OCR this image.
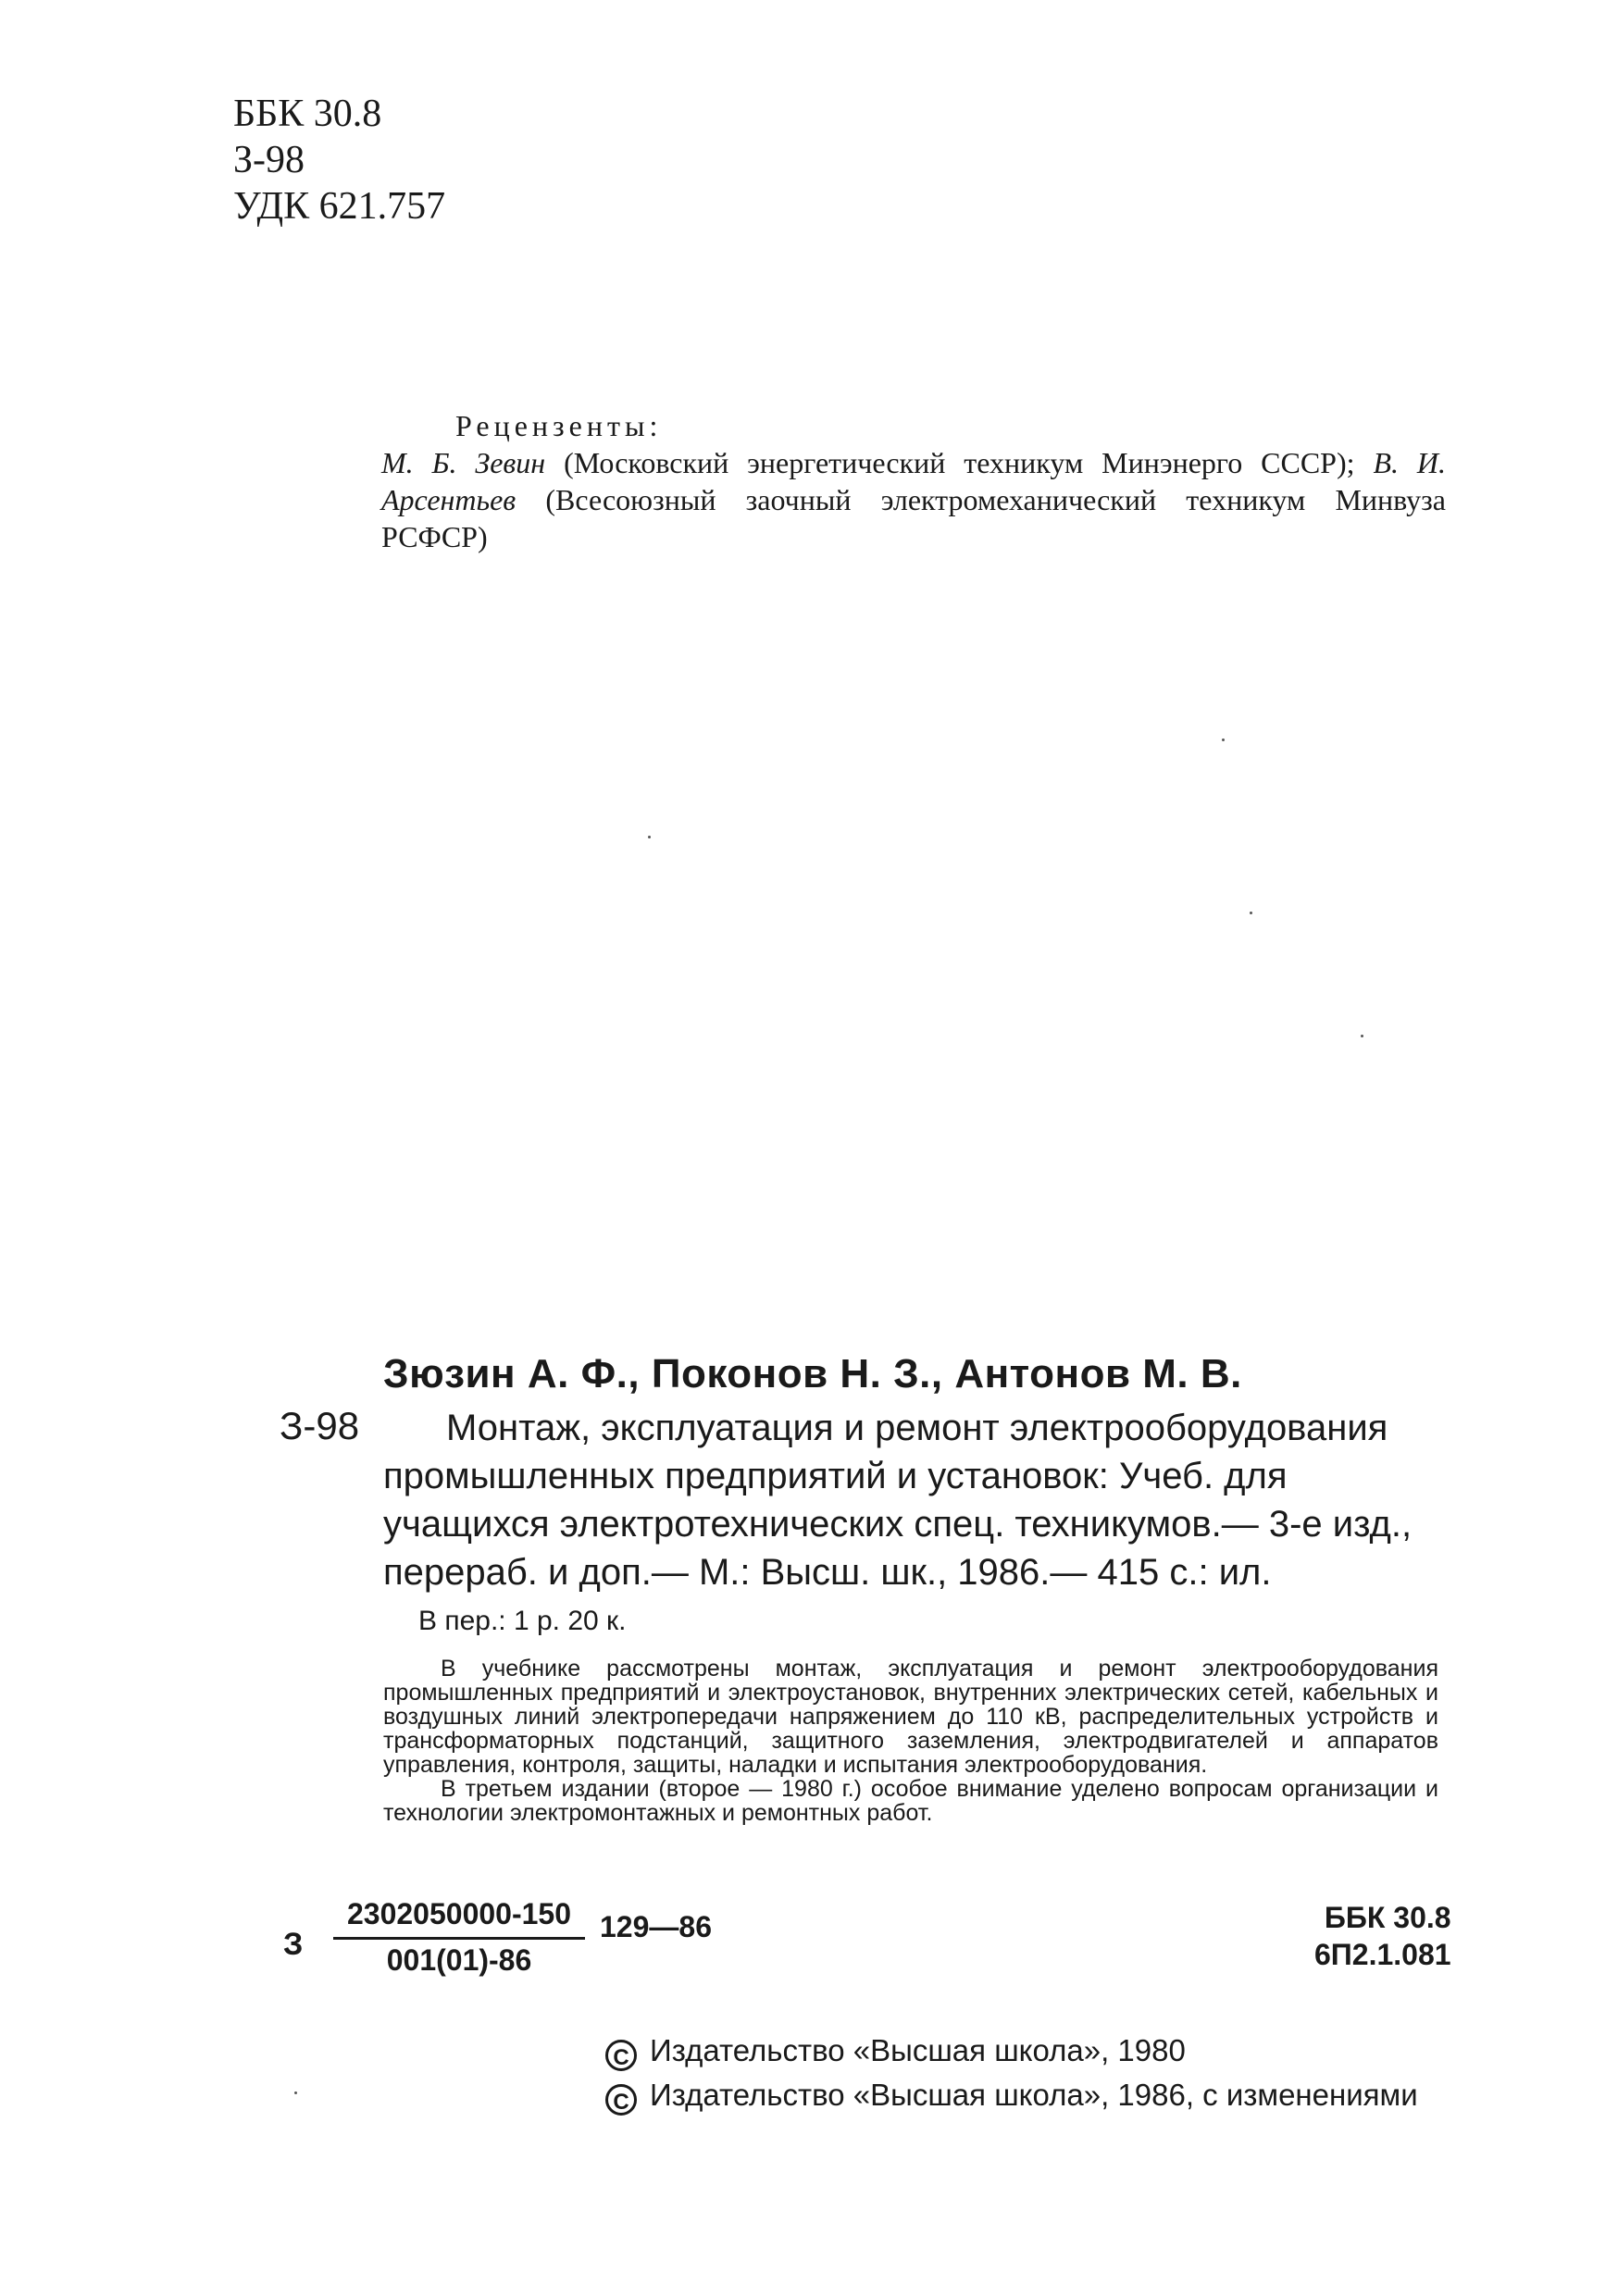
ББК 30.8
З-98
УДК 621.757
Рецензенты:
М. Б. Зевин (Московский энергетический техникум Минэнерго СССР); В. И. Арсентьев (Всесоюзный заочный электромеханический техникум Минвуза РСФСР)
Зюзин А. Ф., Поконов Н. З., Антонов М. В.
З-98	Монтаж, эксплуатация и ремонт электрооборудования промышленных предприятий и установок: Учеб. для учащихся электротехнических спец. техникумов.— 3-е изд., перераб. и доп.— М.: Высш. шк., 1986.— 415 с.: ил.
В пер.: 1 р. 20 к.

В учебнике рассмотрены монтаж, эксплуатация и ремонт электрооборудования промышленных предприятий и электроустановок, внутренних электрических сетей, кабельных и воздушных линий электропередачи напряжением до 110 кВ, распределительных устройств и трансформаторных подстанций, защитного заземления, электродвигателей и аппаратов управления, контроля, защиты, наладки и испытания электрооборудования.

В третьем издании (второе — 1980 г.) особое внимание уделено вопросам организации и технологии электромонтажных и ремонтных работ.

З $\frac{2302050000-150}{001(01)-86}$ 129—86	ББК 30.8
6П2.1.081
C Издательство «Высшая школа», 1980
C Издательство «Высшая школа», 1986, с изменениями
